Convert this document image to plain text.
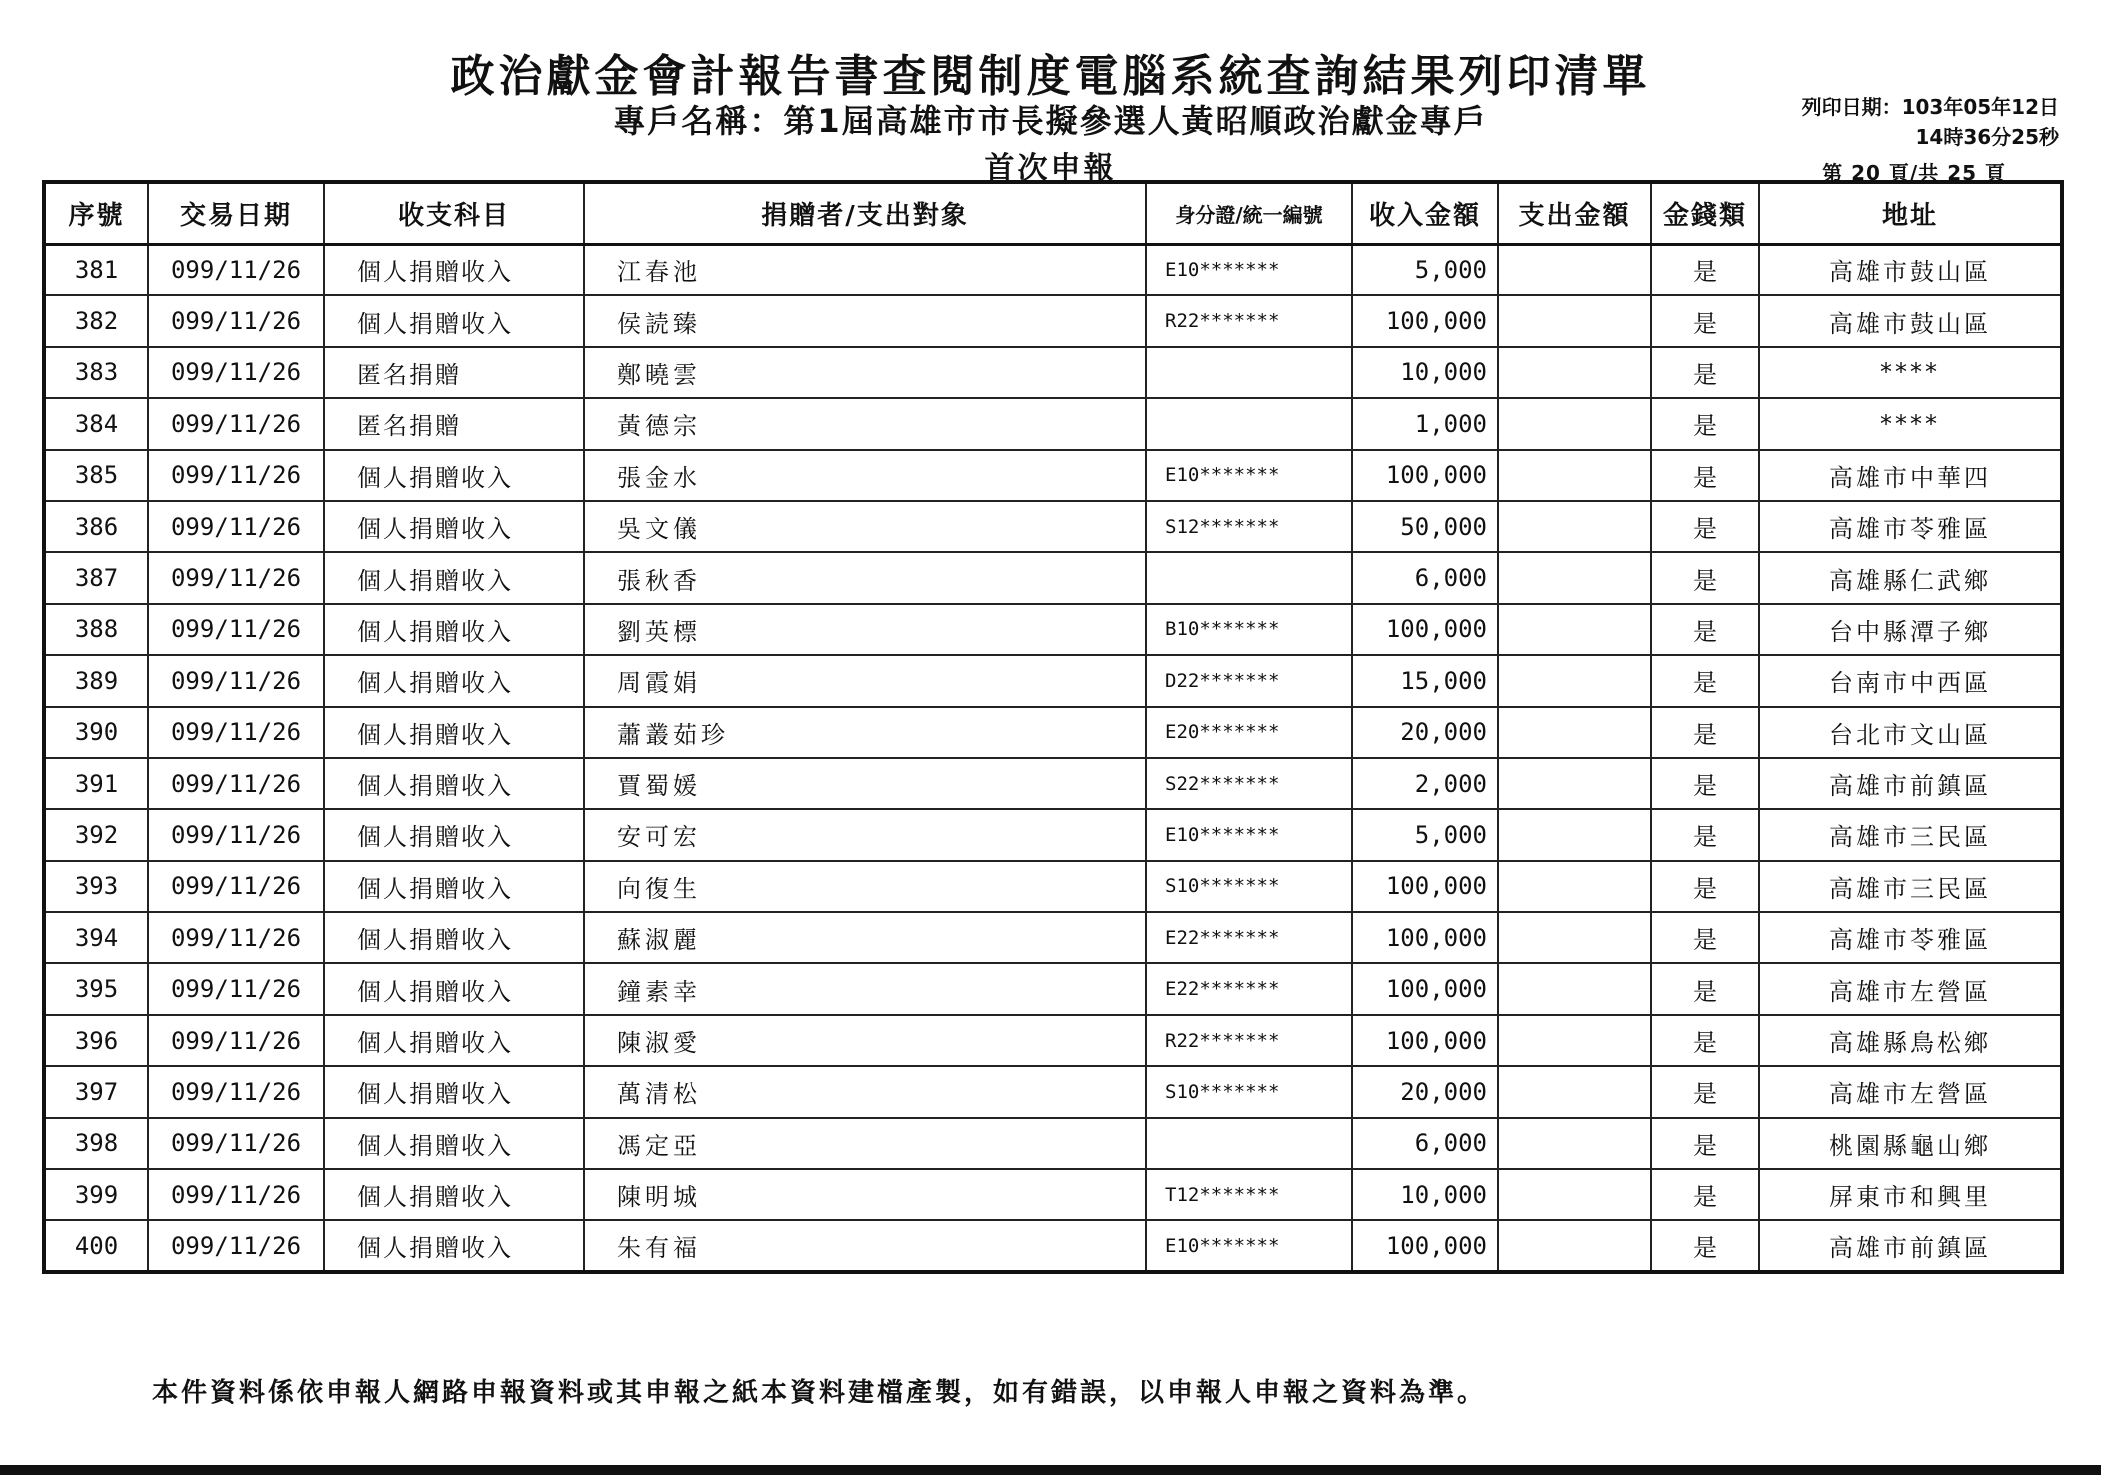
政治獻金會計報告書查閱制度電腦系統查詢結果列印清單
專戶名稱：第1屆高雄市市長擬參選人黃昭順政治獻金專戶
首次申報
列印日期：103年05年12日
14時36分25秒
第 20 頁/共 25 頁
序號	交易日期	收支科目	捐贈者/支出對象	身分證/統一編號	收入金額	支出金額	金錢類	地址
381	099/11/26	個人捐贈收入	江春池	E10*******	5,000		是	高雄市鼓山區
382	099/11/26	個人捐贈收入	侯読臻	R22*******	100,000		是	高雄市鼓山區
383	099/11/26	匿名捐贈	鄭曉雲		10,000		是	****
384	099/11/26	匿名捐贈	黃德宗		1,000		是	****
385	099/11/26	個人捐贈收入	張金水	E10*******	100,000		是	高雄市中華四
386	099/11/26	個人捐贈收入	吳文儀	S12*******	50,000		是	高雄市苓雅區
387	099/11/26	個人捐贈收入	張秋香		6,000		是	高雄縣仁武鄉
388	099/11/26	個人捐贈收入	劉英標	B10*******	100,000		是	台中縣潭子鄉
389	099/11/26	個人捐贈收入	周霞娟	D22*******	15,000		是	台南市中西區
390	099/11/26	個人捐贈收入	蕭叢茹珍	E20*******	20,000		是	台北市文山區
391	099/11/26	個人捐贈收入	賈蜀媛	S22*******	2,000		是	高雄市前鎮區
392	099/11/26	個人捐贈收入	安可宏	E10*******	5,000		是	高雄市三民區
393	099/11/26	個人捐贈收入	向復生	S10*******	100,000		是	高雄市三民區
394	099/11/26	個人捐贈收入	蘇淑麗	E22*******	100,000		是	高雄市苓雅區
395	099/11/26	個人捐贈收入	鐘素幸	E22*******	100,000		是	高雄市左營區
396	099/11/26	個人捐贈收入	陳淑愛	R22*******	100,000		是	高雄縣鳥松鄉
397	099/11/26	個人捐贈收入	萬清松	S10*******	20,000		是	高雄市左營區
398	099/11/26	個人捐贈收入	馮定亞		6,000		是	桃園縣龜山鄉
399	099/11/26	個人捐贈收入	陳明城	T12*******	10,000		是	屏東市和興里
400	099/11/26	個人捐贈收入	朱有福	E10*******	100,000		是	高雄市前鎮區
本件資料係依申報人網路申報資料或其申報之紙本資料建檔產製，如有錯誤，以申報人申報之資料為準。
